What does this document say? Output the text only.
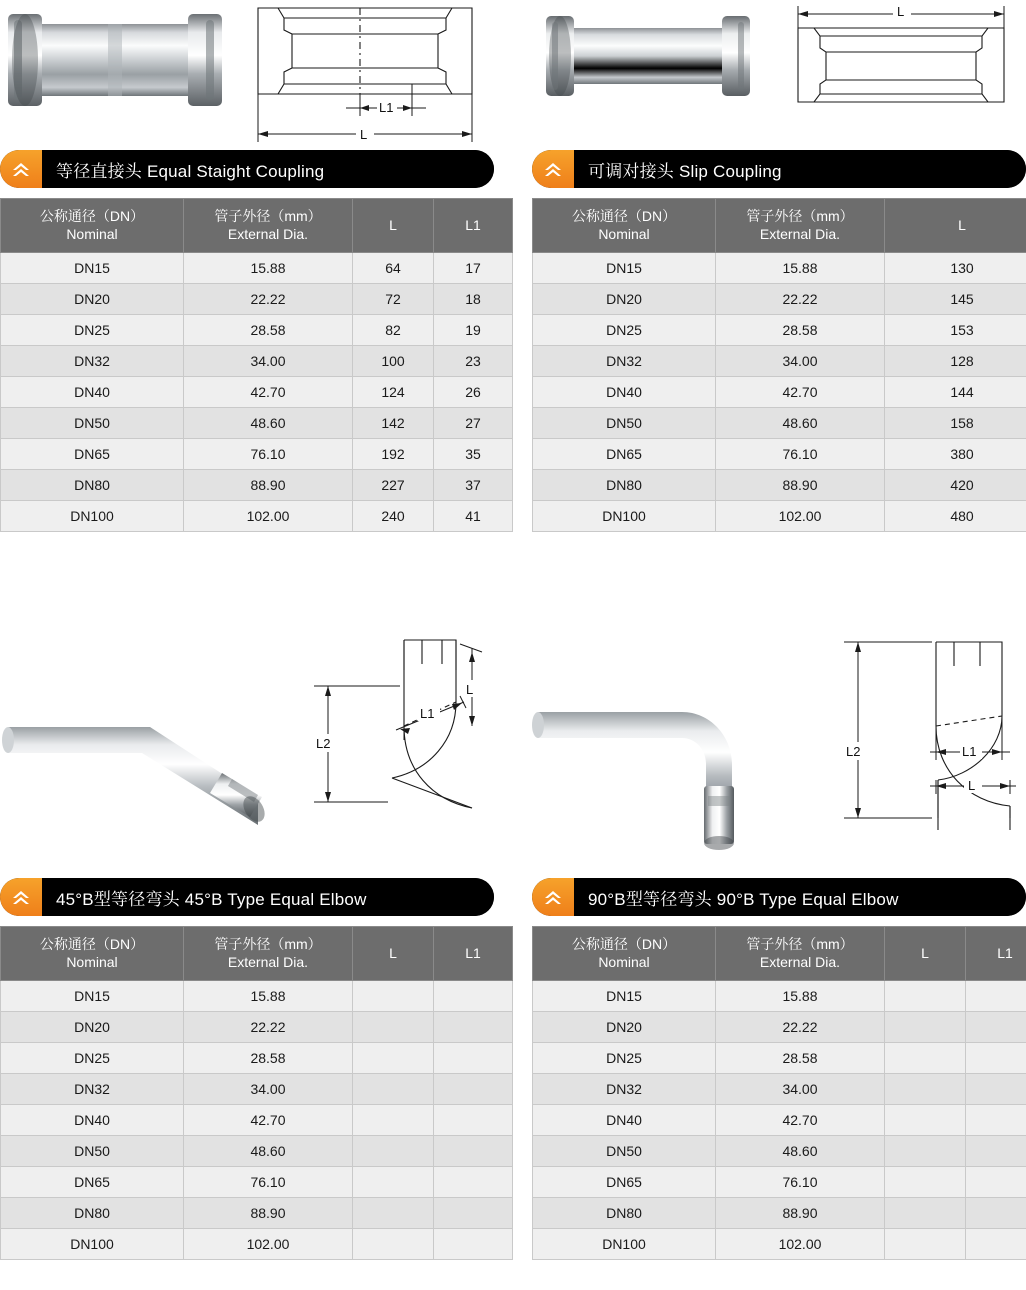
L1
L
等径直接头 Equal Staight Coupling
公称通径（DN）
Nominal	管子外径（mm）
External Dia.	L	L1
DN15	15.88	64	17
DN20	22.22	72	18
DN25	28.58	82	19
DN32	34.00	100	23
DN40	42.70	124	26
DN50	48.60	142	27
DN65	76.10	192	35
DN80	88.90	227	37
DN100	102.00	240	41
L
可调对接头 Slip Coupling
公称通径（DN）
Nominal	管子外径（mm）
External Dia.	L
DN15	15.88	130
DN20	22.22	145
DN25	28.58	153
DN32	34.00	128
DN40	42.70	144
DN50	48.60	158
DN65	76.10	380
DN80	88.90	420
DN100	102.00	480
L2
L1
L
45°B型等径弯头 45°B Type Equal Elbow
公称通径（DN）
Nominal	管子外径（mm）
External Dia.	L	L1
DN15	15.88		
DN20	22.22		
DN25	28.58		
DN32	34.00		
DN40	42.70		
DN50	48.60		
DN65	76.10		
DN80	88.90		
DN100	102.00		
L2	L1
L
90°B型等径弯头 90°B Type Equal Elbow
公称通径（DN）
Nominal	管子外径（mm）
External Dia.	L	L1
DN15	15.88		
DN20	22.22		
DN25	28.58		
DN32	34.00		
DN40	42.70		
DN50	48.60		
DN65	76.10		
DN80	88.90		
DN100	102.00		
